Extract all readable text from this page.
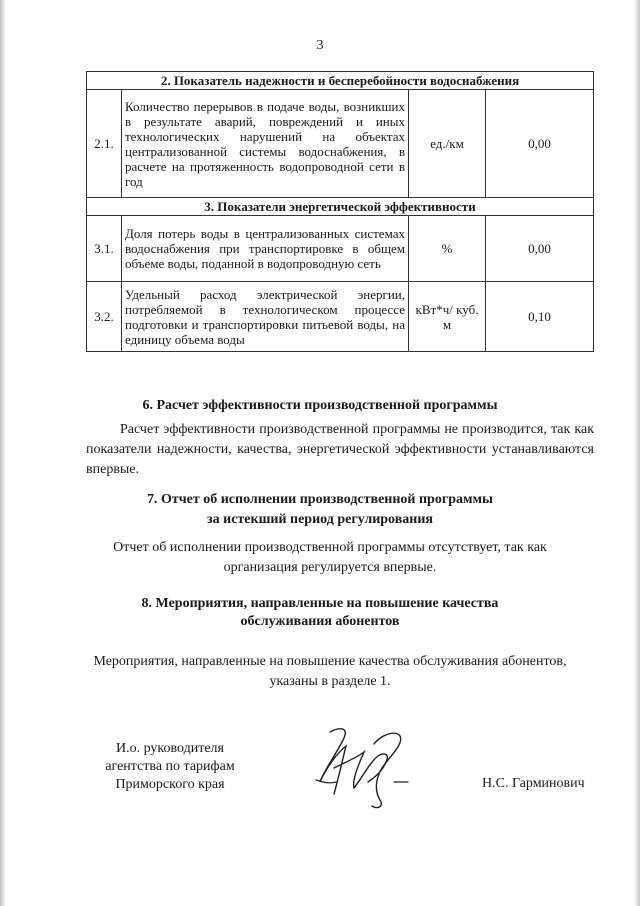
3
2. Показатель надежности и бесперебойности водоснабжения			
2.1.	Количество перерывов в подаче воды, возникших в результате аварий, повреждений и иных технологических нарушений на объектах централизованной системы водоснабжения, в расчете на протяженность водопроводной сети в год	ед./км	0,00
3. Показатели энергетической эффективности			
3.1.	Доля потерь воды в централизованных системах водоснабжения при транспортировке в общем объеме воды, поданной в водопроводную сеть	%	0,00
3.2.	Удельный расход электрической энергии, потребляемой в технологическом процессе подготовки и транспортировки питьевой воды, на единицу объема воды	кВт*ч/ куб. м	0,10
6. Расчет эффективности производственной программы
Расчет эффективности производственной программы не производится, так как показатели надежности, качества, энергетической эффективности устанавливаются впервые.
7. Отчет об исполнении производственной программы
за истекший период регулирования
Отчет об исполнении производственной программы отсутствует, так как
организация регулируется впервые.
8. Мероприятия, направленные на повышение качества
обслуживания абонентов
Мероприятия, направленные на повышение качества обслуживания абонентов,
указаны в разделе 1.
И.о. руководителя
агентства по тарифам
Приморского края	Н.С. Гарминович
